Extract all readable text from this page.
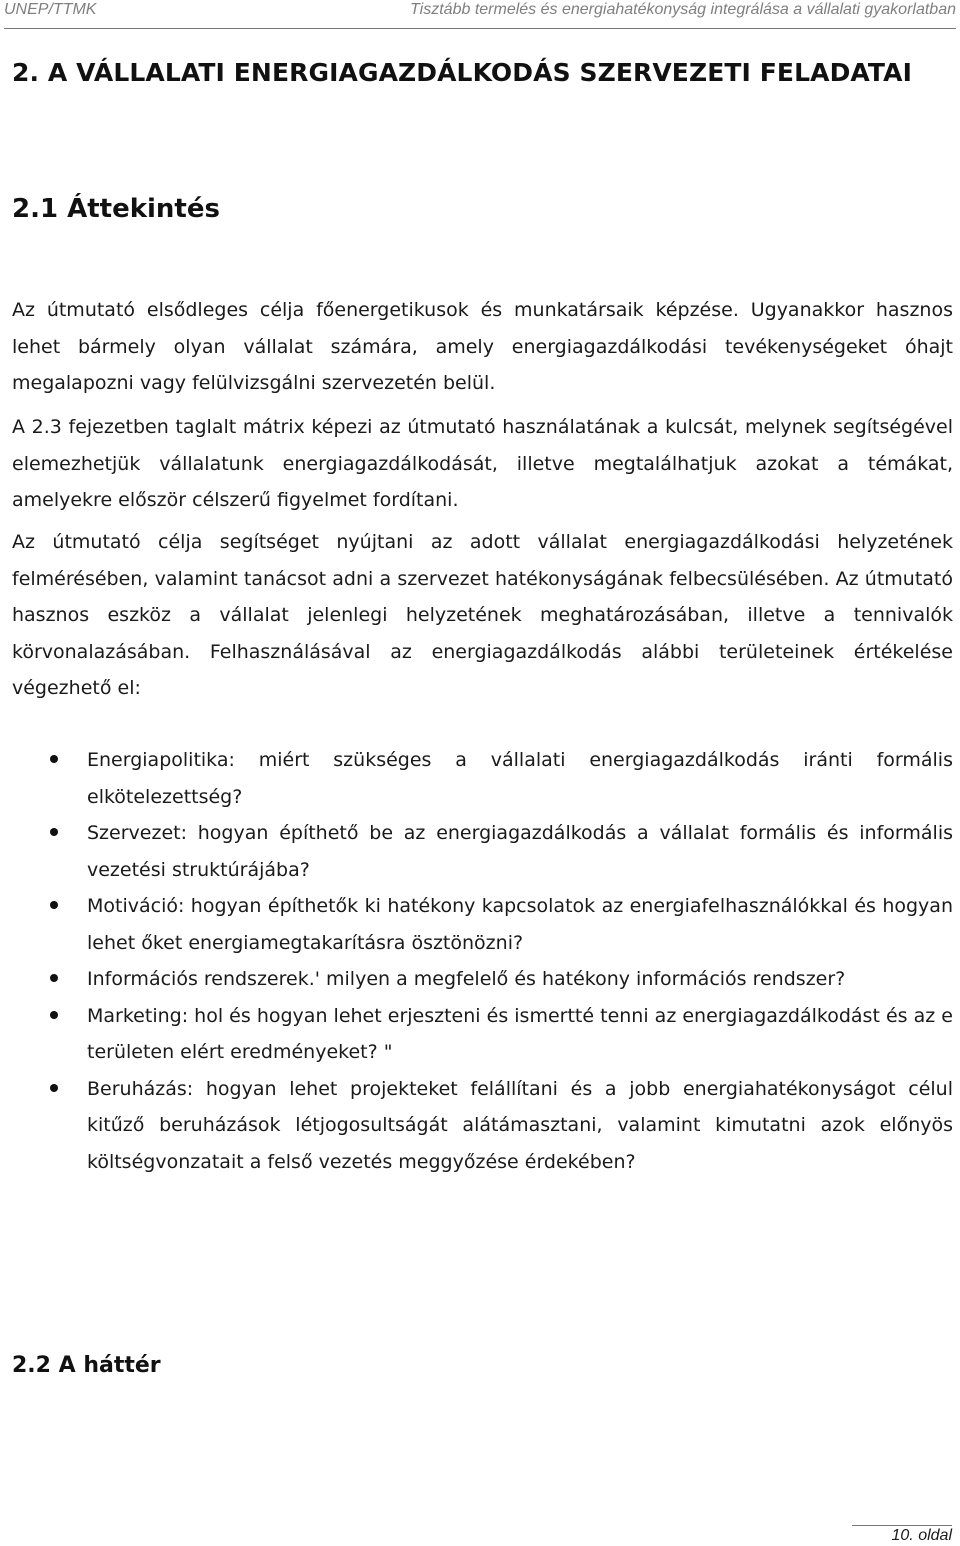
UNEP/TTMK	Tisztább termelés és energiahatékonyság integrálása a vállalati gyakorlatban
2. A VÁLLALATI ENERGIAGAZDÁLKODÁS SZERVEZETI FELADATAI
2.1 Áttekintés

Az útmutató elsődleges célja főenergetikusok és munkatársaik képzése. Ugyanakkor hasznos lehet bármely olyan vállalat számára, amely energiagazdálkodási tevékenységeket óhajt megalapozni vagy felülvizsgálni szervezetén belül.

A 2.3 fejezetben taglalt mátrix képezi az útmutató használatának a kulcsát, melynek segítségével elemezhetjük vállalatunk energiagazdálkodását, illetve megtalálhatjuk azokat a témákat, amelyekre először célszerű figyelmet fordítani.

Az útmutató célja segítséget nyújtani az adott vállalat energiagazdálkodási helyzetének felmérésében, valamint tanácsot adni a szervezet hatékonyságának felbecsülésében. Az útmutató hasznos eszköz a vállalat jelenlegi helyzetének meghatározásában, illetve a tennivalók körvonalazásában. Felhasználásával az energiagazdálkodás alábbi területeinek értékelése végezhető el:

Energiapolitika: miért szükséges a vállalati energiagazdálkodás iránti formális elkötelezettség?
Szervezet: hogyan építhető be az energiagazdálkodás a vállalat formális és informális vezetési struktúrájába?
Motiváció: hogyan építhetők ki hatékony kapcsolatok az energiafelhasználókkal és hogyan lehet őket energiamegtakarításra ösztönözni?
Információs rendszerek.' milyen a megfelelő és hatékony információs rendszer?
Marketing: hol és hogyan lehet erjeszteni és ismertté tenni az energiagazdálkodást és az e területen elért eredményeket? "
Beruházás: hogyan lehet projekteket felállítani és a jobb energiahatékonyságot célul kitűző beruházások létjogosultságát alátámasztani, valamint kimutatni azok előnyös költségvonzatait a felső vezetés meggyőzése érdekében?
2.2 A háttér
10. oldal
